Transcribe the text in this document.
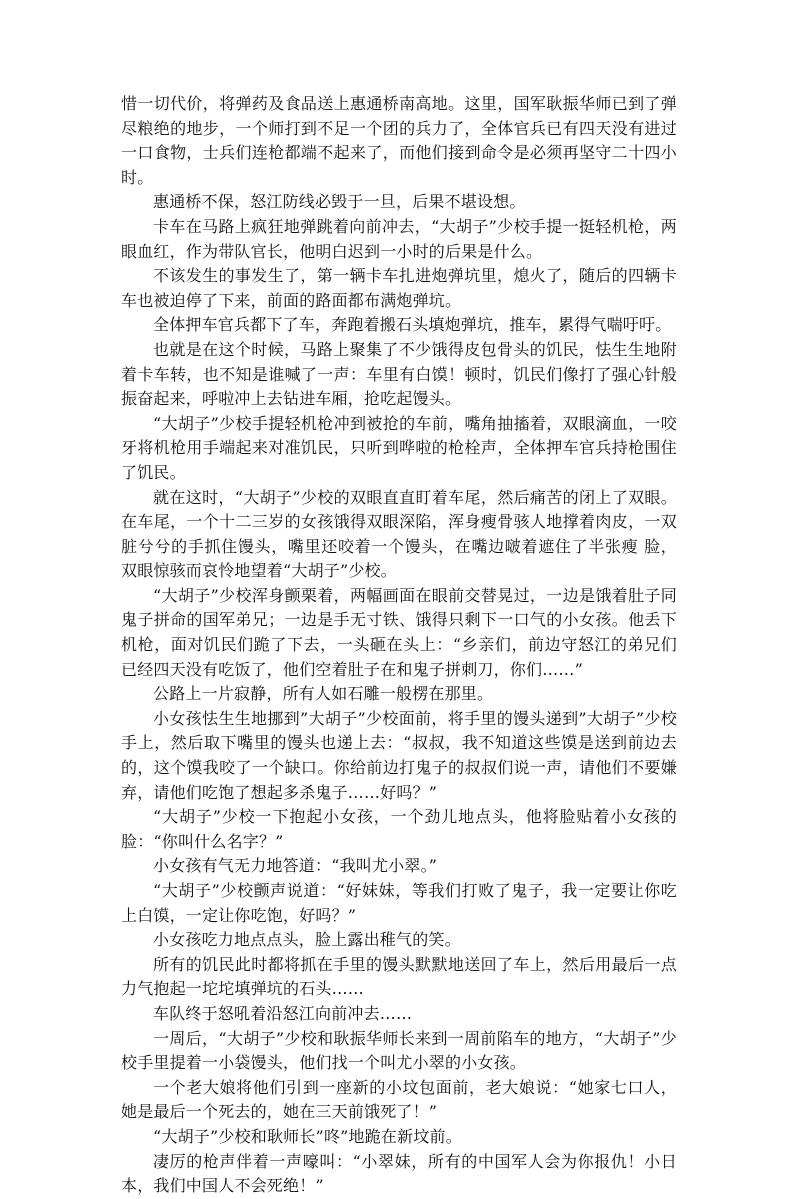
惜一切代价，将弹药及食品送上惠通桥南高地。这里，国军耿振华师已到了弹尽粮绝的地步，一个师打到不足一个团的兵力了，全体官兵已有四天没有进过一口食物，士兵们连枪都端不起来了，而他们接到命令是必须再坚守二十四小时。

惠通桥不保，怒江防线必毁于一旦，后果不堪设想。

卡车在马路上疯狂地弹跳着向前冲去，“大胡子”少校手提一挺轻机枪，两眼血红，作为带队官长，他明白迟到一小时的后果是什么。

不该发生的事发生了，第一辆卡车扎进炮弹坑里，熄火了，随后的四辆卡车也被迫停了下来，前面的路面都布满炮弹坑。

全体押车官兵都下了车，奔跑着搬石头填炮弹坑，推车，累得气喘吁吁。

也就是在这个时候，马路上聚集了不少饿得皮包骨头的饥民，怯生生地附着卡车转，也不知是谁喊了一声：车里有白馍！顿时，饥民们像打了强心针般振奋起来，呼啦冲上去钻进车厢，抢吃起馒头。

“大胡子”少校手提轻机枪冲到被抢的车前，嘴角抽搐着，双眼滴血，一咬牙将机枪用手端起来对准饥民，只听到哗啦的枪栓声，全体押车官兵持枪围住了饥民。

就在这时，“大胡子”少校的双眼直直盯着车尾，然后痛苦的闭上了双眼。在车尾，一个十二三岁的女孩饿得双眼深陷，浑身瘦骨骇人地撑着肉皮，一双脏兮兮的手抓住馒头，嘴里还咬着一个馒头，在嘴边啵着遮住了半张瘦 脸，双眼惊骇而哀怜地望着“大胡子”少校。

“大胡子”少校浑身颤栗着，两幅画面在眼前交替晃过，一边是饿着肚子同鬼子拼命的国军弟兄；一边是手无寸铁、饿得只剩下一口气的小女孩。他丢下机枪，面对饥民们跪了下去，一头砸在头上：“乡亲们，前边守怒江的弟兄们已经四天没有吃饭了，他们空着肚子在和鬼子拼刺刀，你们……”

公路上一片寂静，所有人如石雕一般楞在那里。

小女孩怯生生地挪到”大胡子”少校面前，将手里的馒头递到”大胡子”少校手上，然后取下嘴里的馒头也递上去：“叔叔，我不知道这些馍是送到前边去的，这个馍我咬了一个缺口。你给前边打鬼子的叔叔们说一声，请他们不要嫌弃，请他们吃饱了想起多杀鬼子……好吗？”

“大胡子”少校一下抱起小女孩，一个劲儿地点头，他将脸贴着小女孩的脸：“你叫什么名字？”

小女孩有气无力地答道：“我叫尤小翠。”

“大胡子”少校颤声说道：“好妹妹，等我们打败了鬼子，我一定要让你吃上白馍，一定让你吃饱，好吗？”

小女孩吃力地点点头，脸上露出稚气的笑。

所有的饥民此时都将抓在手里的馒头默默地送回了车上，然后用最后一点力气抱起一坨坨填弹坑的石头……

车队终于怒吼着沿怒江向前冲去……

一周后，“大胡子”少校和耿振华师长来到一周前陷车的地方，“大胡子”少校手里提着一小袋馒头，他们找一个叫尤小翠的小女孩。

一个老大娘将他们引到一座新的小坟包面前，老大娘说：“她家七口人，她是最后一个死去的，她在三天前饿死了！”

“大胡子”少校和耿师长”咚”地跪在新坟前。

凄厉的枪声伴着一声嚎叫：“小翠妹，所有的中国军人会为你报仇！小日本，我们中国人不会死绝！”
